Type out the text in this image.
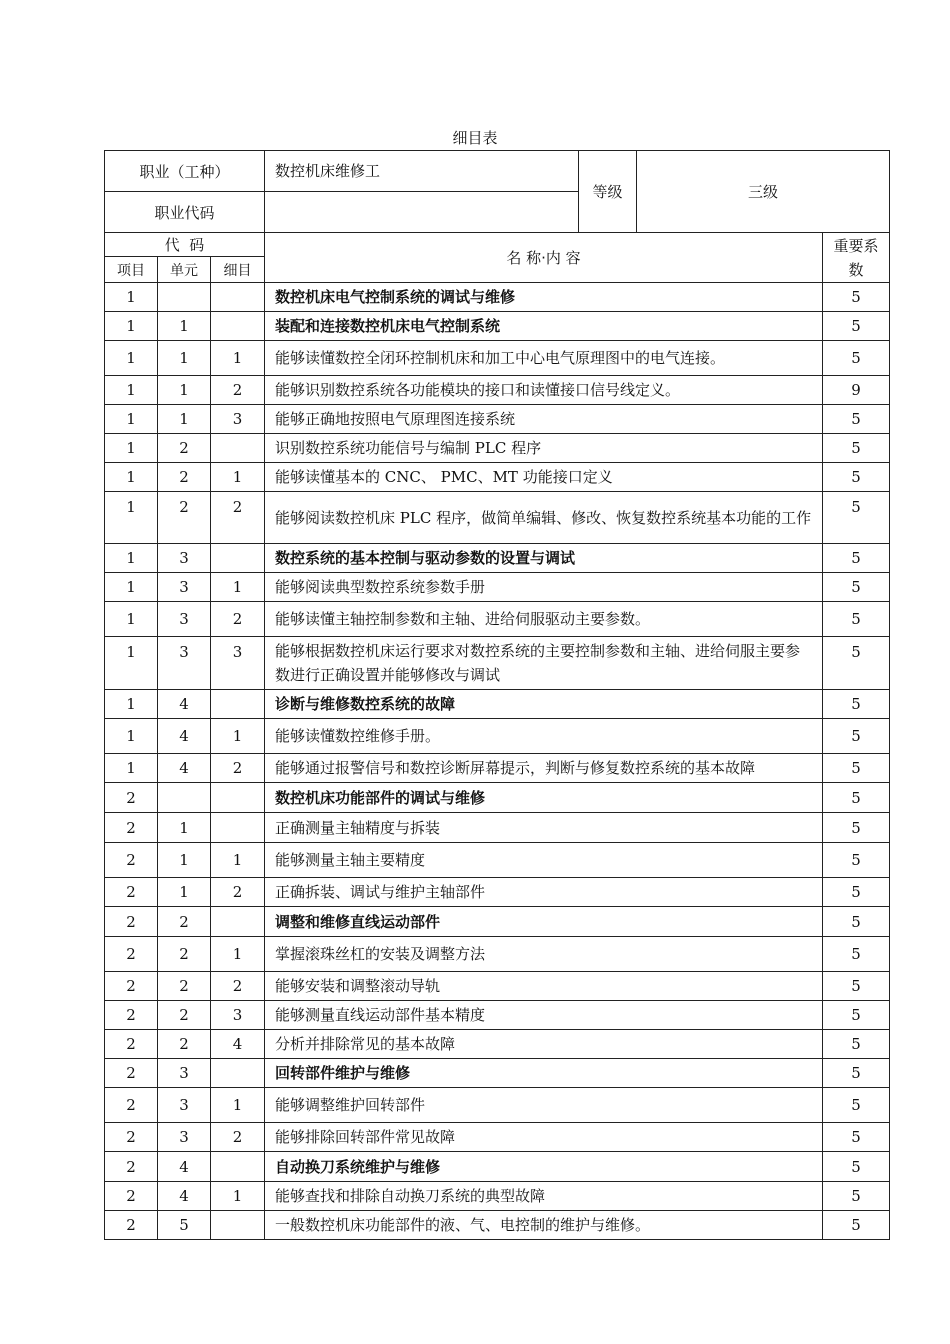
细目表
职业（工种）			数控机床维修工	等级	三级	
职业代码						
代  码			名 称·内 容			重要系数
项目	单元	细目				
1			数控机床电气控制系统的调试与维修			5
1	1		装配和连接数控机床电气控制系统			5
1	1	1	能够读懂数控全闭环控制机床和加工中心电气原理图中的电气连接。			5
1	1	2	能够识别数控系统各功能模块的接口和读懂接口信号线定义。			9
1	1	3	能够正确地按照电气原理图连接系统			5
1	2		识别数控系统功能信号与编制 PLC 程序			5
1	2	1	能够读懂基本的 CNC、 PMC、MT 功能接口定义			5
1	2	2	能够阅读数控机床 PLC 程序，做简单编辑、修改、恢复数控系统基本功能的工作			5
1	3		数控系统的基本控制与驱动参数的设置与调试			5
1	3	1	能够阅读典型数控系统参数手册			5
1	3	2	能够读懂主轴控制参数和主轴、进给伺服驱动主要参数。			5
1	3	3	能够根据数控机床运行要求对数控系统的主要控制参数和主轴、进给伺服主要参数进行正确设置并能够修改与调试			5
1	4		诊断与维修数控系统的故障			5
1	4	1	能够读懂数控维修手册。			5
1	4	2	能够通过报警信号和数控诊断屏幕提示，判断与修复数控系统的基本故障			5
2			数控机床功能部件的调试与维修			5
2	1		正确测量主轴精度与拆装			5
2	1	1	能够测量主轴主要精度			5
2	1	2	正确拆装、调试与维护主轴部件			5
2	2		调整和维修直线运动部件			5
2	2	1	掌握滚珠丝杠的安装及调整方法			5
2	2	2	能够安装和调整滚动导轨			5
2	2	3	能够测量直线运动部件基本精度			5
2	2	4	分析并排除常见的基本故障			5
2	3		回转部件维护与维修			5
2	3	1	能够调整维护回转部件			5
2	3	2	能够排除回转部件常见故障			5
2	4		自动换刀系统维护与维修			5
2	4	1	能够查找和排除自动换刀系统的典型故障			5
2	5		一般数控机床功能部件的液、气、电控制的维护与维修。			5
